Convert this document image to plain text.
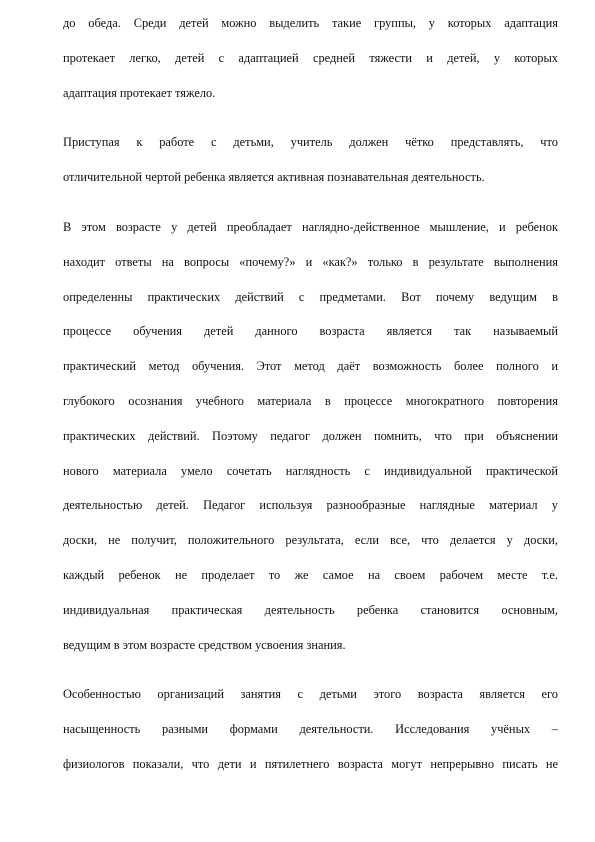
до обеда. Среди детей можно выделить такие группы, у которых адаптация
протекает легко, детей с адаптацией средней тяжести и детей, у которых
адаптация протекает тяжело.
Приступая к работе с детьми, учитель должен чётко представлять, что
отличительной чертой ребенка является активная познавательная деятельность.
В этом возрасте у детей преобладает наглядно-действенное мышление, и ребенок
находит ответы на вопросы «почему?» и «как?» только в результате выполнения
определенны практических действий с предметами. Вот почему ведущим в
процессе обучения детей данного возраста является так называемый
практический метод обучения. Этот метод даёт возможность более полного и
глубокого осознания учебного материала в процессе многократного повторения
практических действий. Поэтому педагог должен помнить, что при объяснении
нового материала умело сочетать наглядность с индивидуальной практической
деятельностью детей. Педагог используя разнообразные наглядные материал у
доски, не получит, положительного результата, если все, что делается у доски,
каждый ребенок не проделает то же самое на своем рабочем месте т.е.
индивидуальная практическая деятельность ребенка становится основным,
ведущим в этом возрасте средством усвоения знания.
Особенностью организаций занятия с детьми этого возраста является его
насыщенность разными формами деятельности. Исследования учёных –
физиологов показали, что дети и пятилетнего возраста могут непрерывно писать не
